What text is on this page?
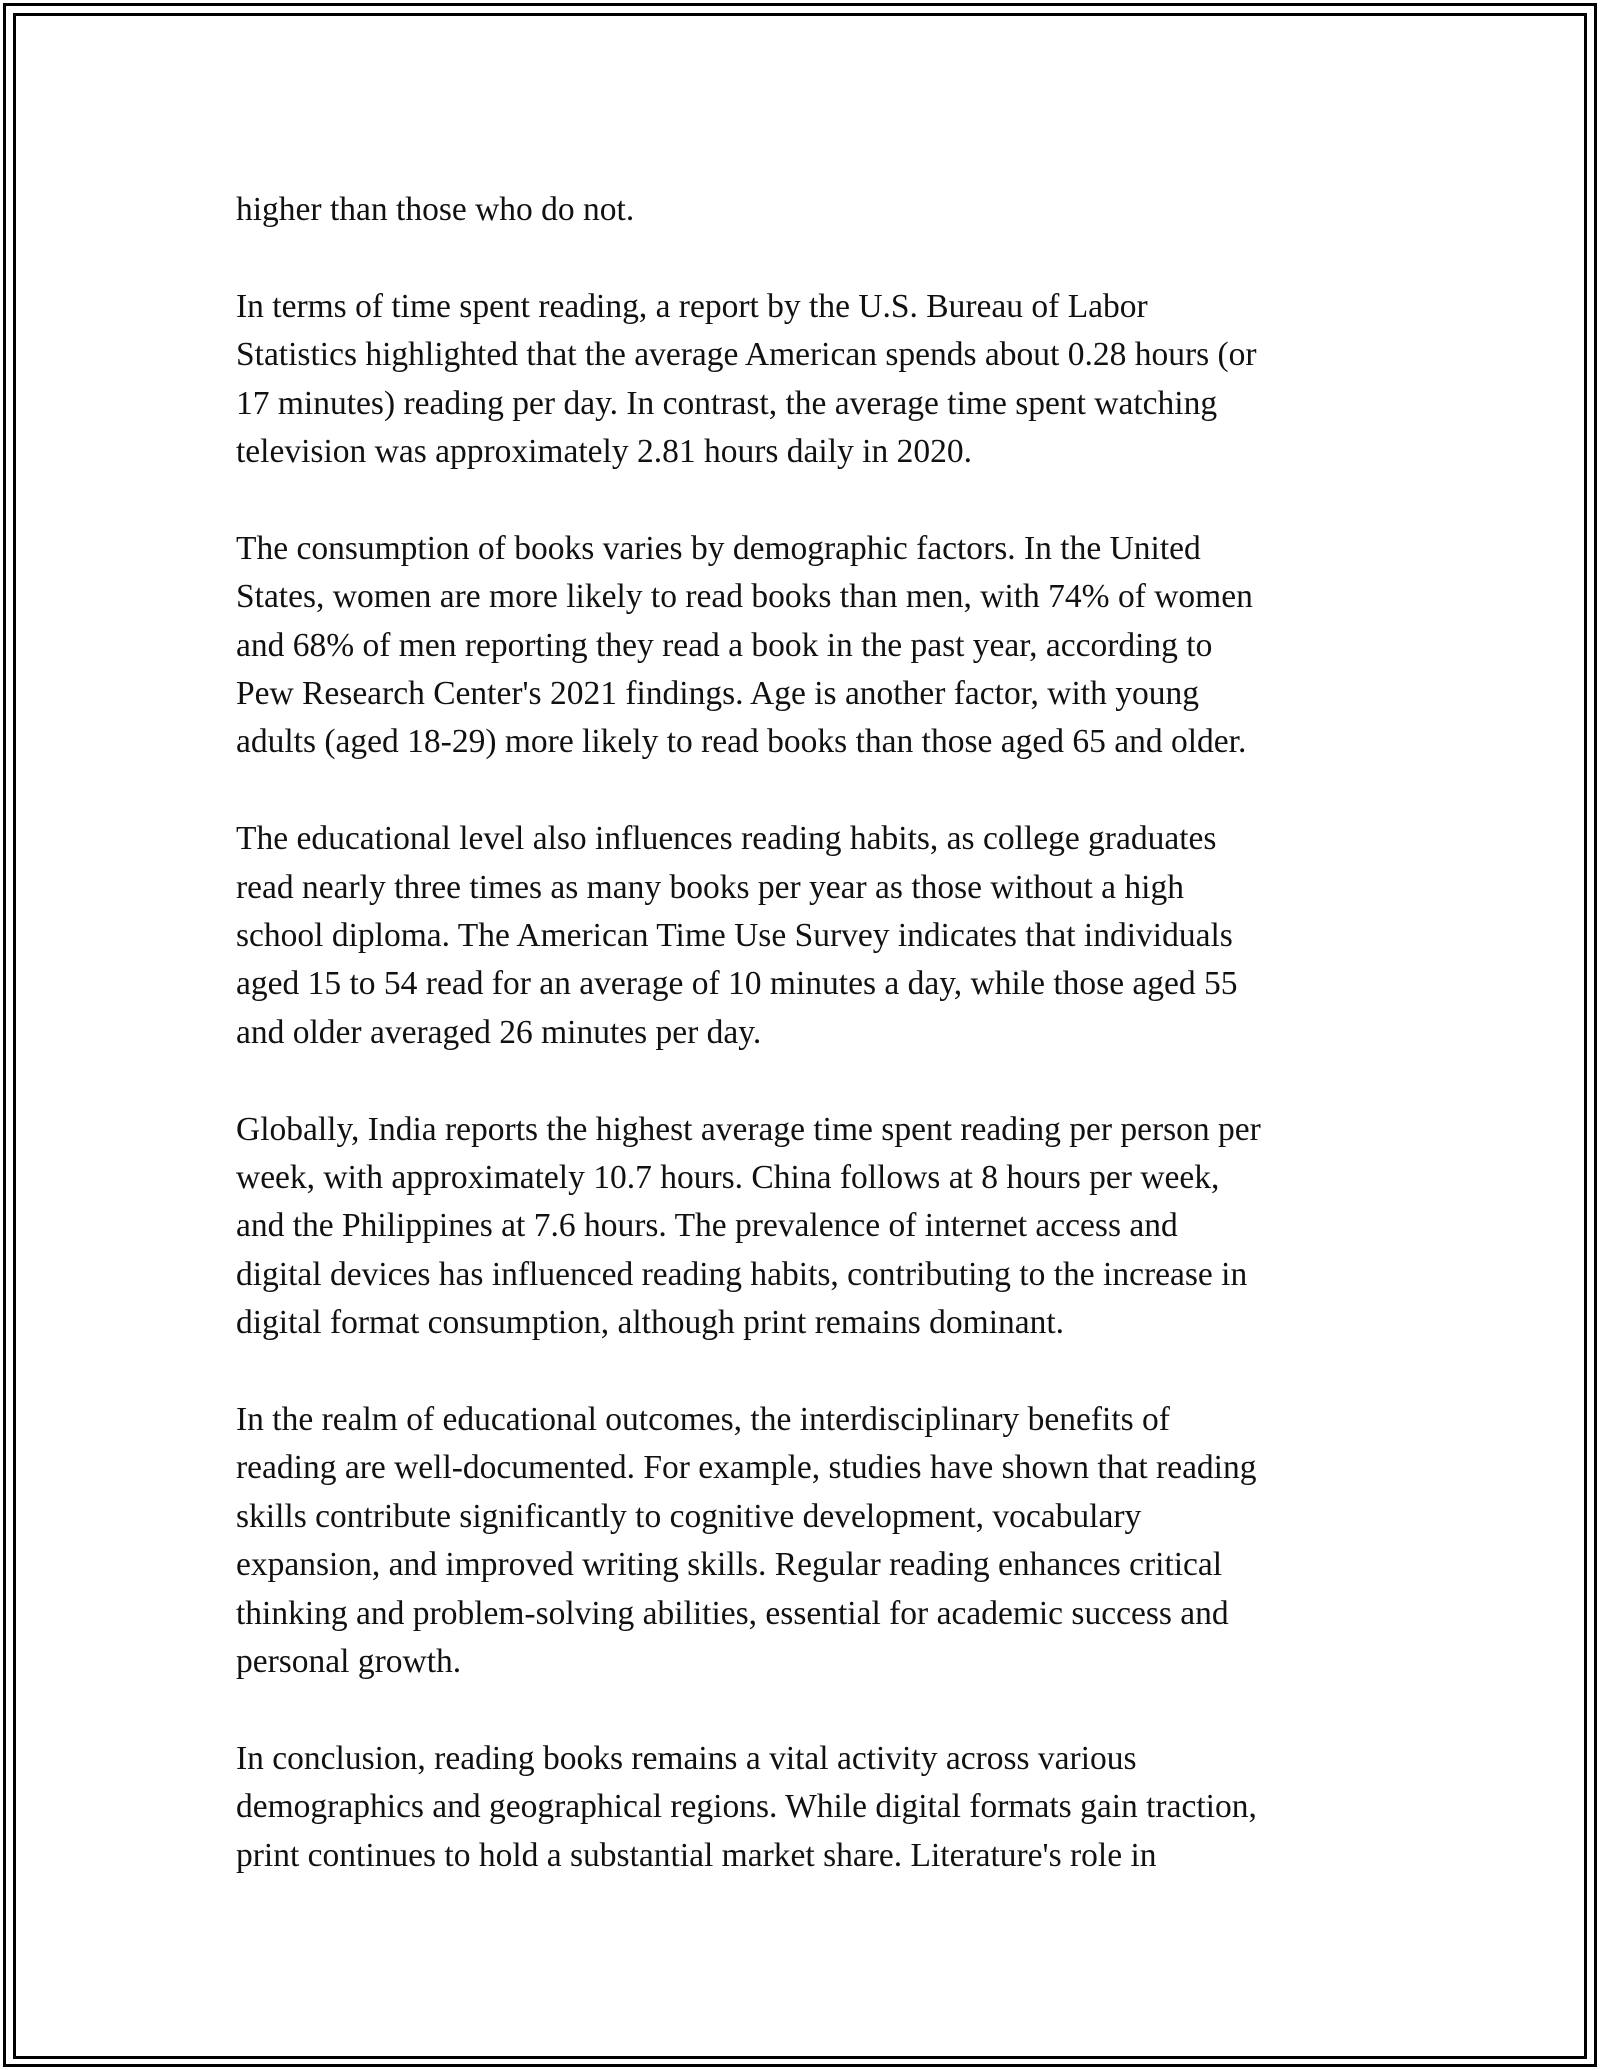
higher than those who do not.

In terms of time spent reading, a report by the U.S. Bureau of Labor
Statistics highlighted that the average American spends about 0.28 hours (or
17 minutes) reading per day. In contrast, the average time spent watching
television was approximately 2.81 hours daily in 2020.

The consumption of books varies by demographic factors. In the United
States, women are more likely to read books than men, with 74% of women
and 68% of men reporting they read a book in the past year, according to
Pew Research Center's 2021 findings. Age is another factor, with young
adults (aged 18-29) more likely to read books than those aged 65 and older.

The educational level also influences reading habits, as college graduates
read nearly three times as many books per year as those without a high
school diploma. The American Time Use Survey indicates that individuals
aged 15 to 54 read for an average of 10 minutes a day, while those aged 55
and older averaged 26 minutes per day.

Globally, India reports the highest average time spent reading per person per
week, with approximately 10.7 hours. China follows at 8 hours per week,
and the Philippines at 7.6 hours. The prevalence of internet access and
digital devices has influenced reading habits, contributing to the increase in
digital format consumption, although print remains dominant.

In the realm of educational outcomes, the interdisciplinary benefits of
reading are well-documented. For example, studies have shown that reading
skills contribute significantly to cognitive development, vocabulary
expansion, and improved writing skills. Regular reading enhances critical
thinking and problem-solving abilities, essential for academic success and
personal growth.

In conclusion, reading books remains a vital activity across various
demographics and geographical regions. While digital formats gain traction,
print continues to hold a substantial market share. Literature's role in
